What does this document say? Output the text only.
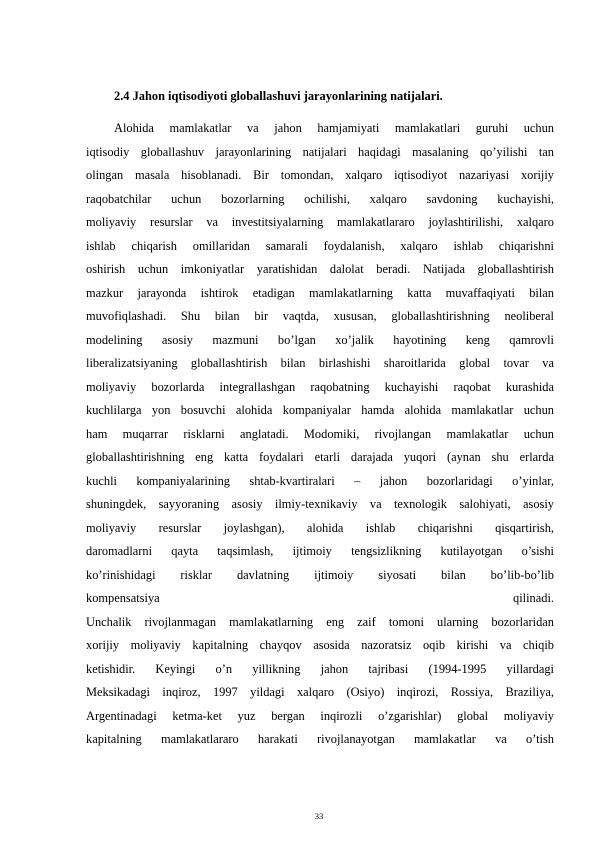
2.4 Jahon iqtisodiyoti globallashuvi jarayonlarining natijalari.
Alohida mamlakatlar va jahon hamjamiyati mamlakatlari guruhi uchun
iqtisodiy globallashuv jarayonlarining natijalari haqidagi masalaning qo’yilishi tan
olingan masala hisoblanadi. Bir tomondan, xalqaro iqtisodiyot nazariyasi xorijiy
raqobatchilar uchun bozorlarning ochilishi, xalqaro savdoning kuchayishi,
moliyaviy resurslar va investitsiyalarning mamlakatlararo joylashtirilishi, xalqaro
ishlab chiqarish omillaridan samarali foydalanish, xalqaro ishlab chiqarishni
oshirish uchun imkoniyatlar yaratishidan dalolat beradi. Natijada globallashtirish
mazkur jarayonda ishtirok etadigan mamlakatlarning katta muvaffaqiyati bilan
muvofiqlashadi. Shu bilan bir vaqtda, xususan, globallashtirishning neoliberal
modelining asosiy mazmuni bo’lgan xo’jalik hayotining keng qamrovli
liberalizatsiyaning globallashtirish bilan birlashishi sharoitlarida global tovar va
moliyaviy bozorlarda integrallashgan raqobatning kuchayishi raqobat kurashida
kuchlilarga yon bosuvchi alohida kompaniyalar hamda alohida mamlakatlar uchun
ham muqarrar risklarni anglatadi. Modomiki, rivojlangan mamlakatlar uchun
globallashtirishning eng katta foydalari etarli darajada yuqori (aynan shu erlarda
kuchli kompaniyalarining shtab-kvartiralari – jahon bozorlaridagi o’yinlar,
shuningdek, sayyoraning asosiy ilmiy-texnikaviy va texnologik salohiyati, asosiy
moliyaviy resurslar joylashgan), alohida ishlab chiqarishni qisqartirish,
daromadlarni qayta taqsimlash, ijtimoiy tengsizlikning kutilayotgan o’sishi
ko’rinishidagi risklar davlatning ijtimoiy siyosati bilan bo’lib-bo’lib
kompensatsiya qilinadi.
Unchalik rivojlanmagan mamlakatlarning eng zaif tomoni ularning bozorlaridan
xorijiy moliyaviy kapitalning chayqov asosida nazoratsiz oqib kirishi va chiqib
ketishidir. Keyingi o’n yillikning jahon tajribasi (1994-1995 yillardagi
Meksikadagi inqiroz, 1997 yildagi xalqaro (Osiyo) inqirozi, Rossiya, Braziliya,
Argentinadagi ketma-ket yuz bergan inqirozli o’zgarishlar) global moliyaviy
kapitalning mamlakatlararo harakati rivojlanayotgan mamlakatlar va o’tish
33
